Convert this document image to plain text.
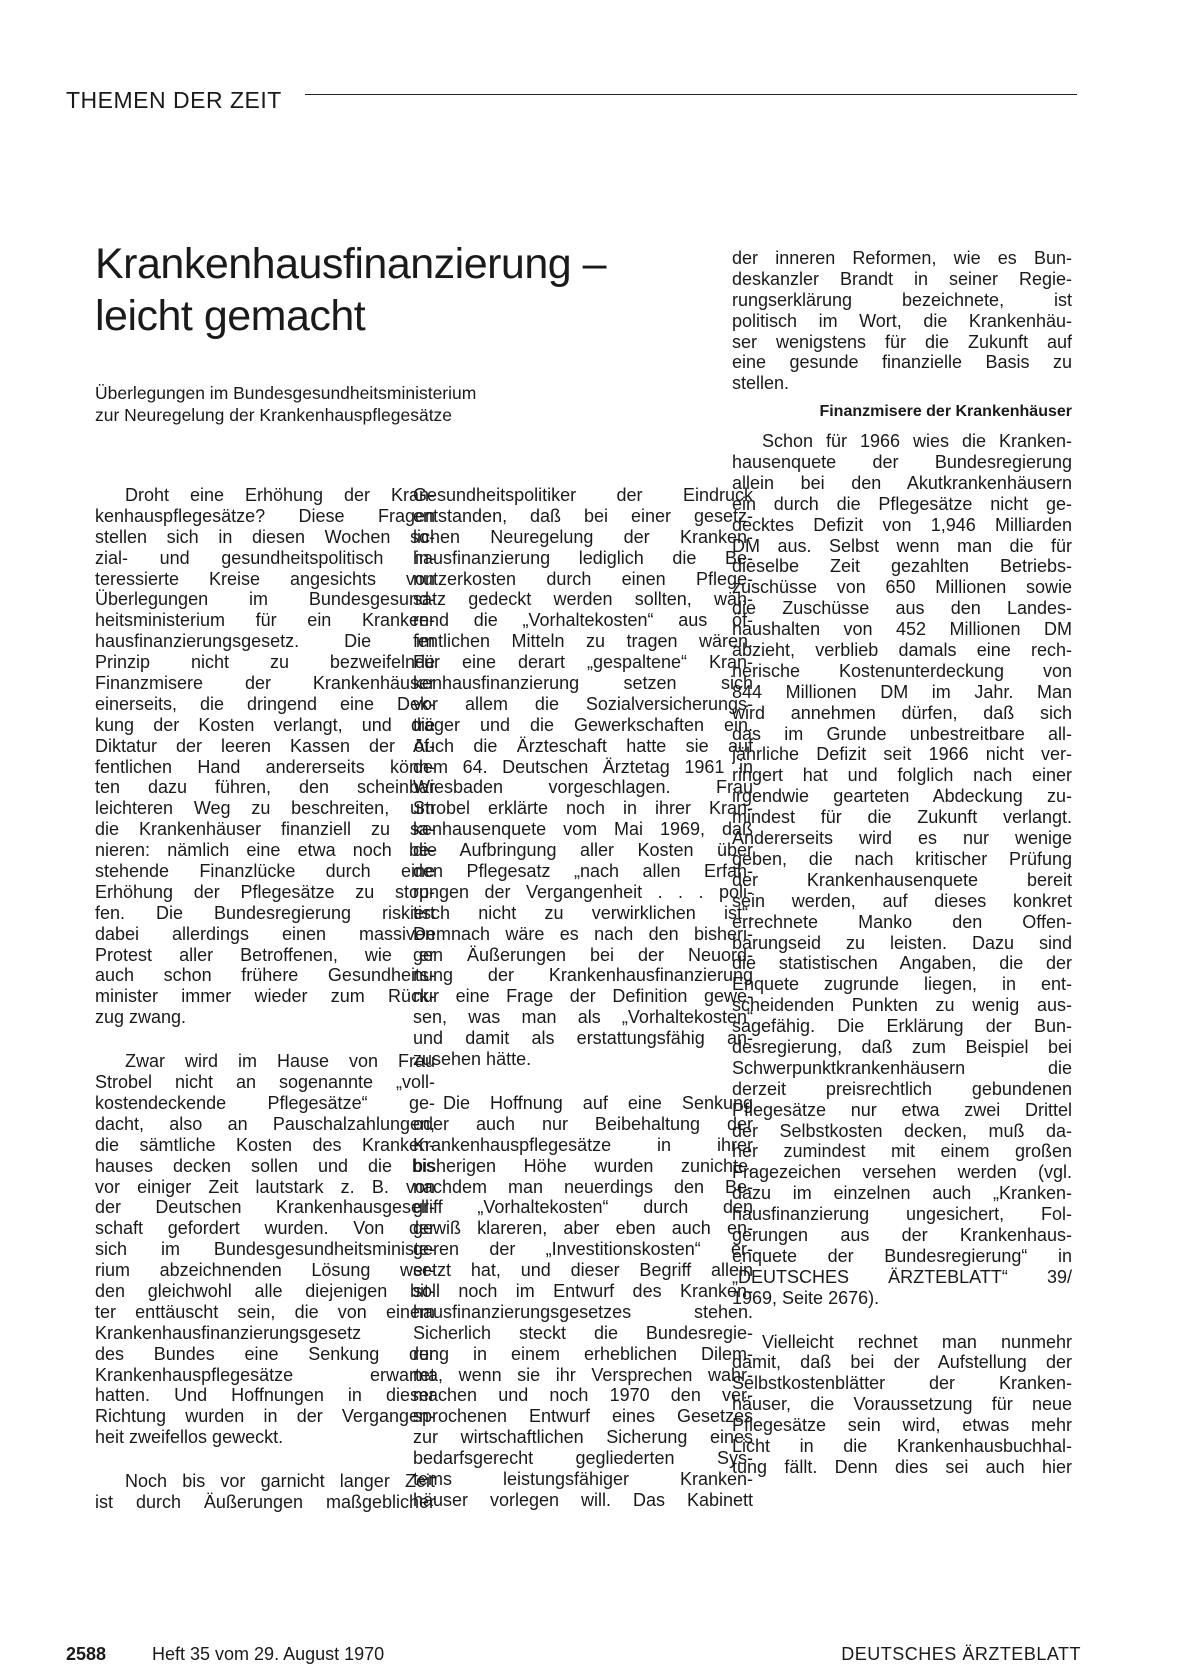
THEMEN DER ZEIT
Krankenhausfinanzierung –
leicht gemacht
Überlegungen im Bundesgesundheitsministerium
zur Neuregelung der Krankenhauspflegesätze
Droht eine Erhöhung der Kran-
kenhauspflegesätze? Diese Fragen
stellen sich in diesen Wochen so-
zial- und gesundheitspolitisch in-
teressierte Kreise angesichts von
Überlegungen im Bundesgesund-
heitsministerium für ein Kranken-
hausfinanzierungsgesetz. Die im
Prinzip nicht zu bezweifelnde
Finanzmisere der Krankenhäuser
einerseits, die dringend eine Dek-
kung der Kosten verlangt, und die
Diktatur der leeren Kassen der öf-
fentlichen Hand andererseits könn-
ten dazu führen, den scheinbar
leichteren Weg zu beschreiten, um
die Krankenhäuser finanziell zu sa-
nieren: nämlich eine etwa noch be-
stehende Finanzlücke durch eine
Erhöhung der Pflegesätze zu stop-
fen. Die Bundesregierung riskiert
dabei allerdings einen massiven
Protest aller Betroffenen, wie er
auch schon frühere Gesundheits-
minister immer wieder zum Rück-
zug zwang.
Zwar wird im Hause von Frau
Strobel nicht an sogenannte „voll-
kostendeckende Pflegesätze“ ge-
dacht, also an Pauschalzahlungen,
die sämtliche Kosten des Kranken-
hauses decken sollen und die bis
vor einiger Zeit lautstark z. B. von
der Deutschen Krankenhausgesell-
schaft gefordert wurden. Von der
sich im Bundesgesundheitsministe-
rium abzeichnenden Lösung wer-
den gleichwohl alle diejenigen bit-
ter enttäuscht sein, die von einem
Krankenhausfinanzierungsgesetz
des Bundes eine Senkung der
Krankenhauspflegesätze erwartet
hatten. Und Hoffnungen in dieser
Richtung wurden in der Vergangen-
heit zweifellos geweckt.
Noch bis vor garnicht langer Zeit
ist durch Äußerungen maßgeblicher
Gesundheitspolitiker der Eindruck
entstanden, daß bei einer gesetz-
lichen Neuregelung der Kranken-
hausfinanzierung lediglich die Be-
nutzerkosten durch einen Pflege-
satz gedeckt werden sollten, wäh-
rend die „Vorhaltekosten“ aus öf-
fentlichen Mitteln zu tragen wären.
Für eine derart „gespaltene“ Kran-
kenhausfinanzierung setzen sich
vor allem die Sozialversicherungs-
träger und die Gewerkschaften ein.
Auch die Ärzteschaft hatte sie auf
dem 64. Deutschen Ärztetag 1961 in
Wiesbaden vorgeschlagen. Frau
Strobel erklärte noch in ihrer Kran-
kenhausenquete vom Mai 1969, daß
die Aufbringung aller Kosten über
den Pflegesatz „nach allen Erfah-
rungen der Vergangenheit . . . poli-
tisch nicht zu verwirklichen ist“.
Demnach wäre es nach den bisheri-
gen Äußerungen bei der Neuord-
nung der Krankenhausfinanzierung
nur eine Frage der Definition gewe-
sen, was man als „Vorhaltekosten“
und damit als erstattungsfähig an-
zusehen hätte.
Die Hoffnung auf eine Senkung
oder auch nur Beibehaltung der
Krankenhauspflegesätze in ihrer
bisherigen Höhe wurden zunichte,
nachdem man neuerdings den Be-
griff „Vorhaltekosten“ durch den
gewiß klareren, aber eben auch en-
geren der „Investitionskosten“ er-
setzt hat, und dieser Begriff allein
soll noch im Entwurf des Kranken-
hausfinanzierungsgesetzes stehen.
Sicherlich steckt die Bundesregie-
rung in einem erheblichen Dilem-
ma, wenn sie ihr Versprechen wahr-
machen und noch 1970 den ver-
sprochenen Entwurf eines Gesetzes
zur wirtschaftlichen Sicherung eines
bedarfsgerecht gegliederten Sys-
tems leistungsfähiger Kranken-
häuser vorlegen will. Das Kabinett
der inneren Reformen, wie es Bun-
deskanzler Brandt in seiner Regie-
rungserklärung bezeichnete, ist
politisch im Wort, die Krankenhäu-
ser wenigstens für die Zukunft auf
eine gesunde finanzielle Basis zu
stellen.
Finanzmisere der Krankenhäuser
Schon für 1966 wies die Kranken-
hausenquete der Bundesregierung
allein bei den Akutkrankenhäusern
ein durch die Pflegesätze nicht ge-
decktes Defizit von 1,946 Milliarden
DM aus. Selbst wenn man die für
dieselbe Zeit gezahlten Betriebs-
zuschüsse von 650 Millionen sowie
die Zuschüsse aus den Landes-
haushalten von 452 Millionen DM
abzieht, verblieb damals eine rech-
nerische Kostenunterdeckung von
844 Millionen DM im Jahr. Man
wird annehmen dürfen, daß sich
das im Grunde unbestreitbare all-
jährliche Defizit seit 1966 nicht ver-
ringert hat und folglich nach einer
irgendwie gearteten Abdeckung zu-
mindest für die Zukunft verlangt.
Andererseits wird es nur wenige
geben, die nach kritischer Prüfung
der Krankenhausenquete bereit
sein werden, auf dieses konkret
errechnete Manko den Offen-
barungseid zu leisten. Dazu sind
die statistischen Angaben, die der
Enquete zugrunde liegen, in ent-
scheidenden Punkten zu wenig aus-
sagefähig. Die Erklärung der Bun-
desregierung, daß zum Beispiel bei
Schwerpunktkrankenhäusern die
derzeit preisrechtlich gebundenen
Pflegesätze nur etwa zwei Drittel
der Selbstkosten decken, muß da-
her zumindest mit einem großen
Fragezeichen versehen werden (vgl.
dazu im einzelnen auch „Kranken-
hausfinanzierung ungesichert, Fol-
gerungen aus der Krankenhaus-
enquete der Bundesregierung“ in
„DEUTSCHES ÄRZTEBLATT“ 39/
1969, Seite 2676).
Vielleicht rechnet man nunmehr
damit, daß bei der Aufstellung der
Selbstkostenblätter der Kranken-
häuser, die Voraussetzung für neue
Pflegesätze sein wird, etwas mehr
Licht in die Krankenhausbuchhal-
tung fällt. Denn dies sei auch hier
2588	Heft 35 vom 29. August 1970	DEUTSCHES ÄRZTEBLATT
